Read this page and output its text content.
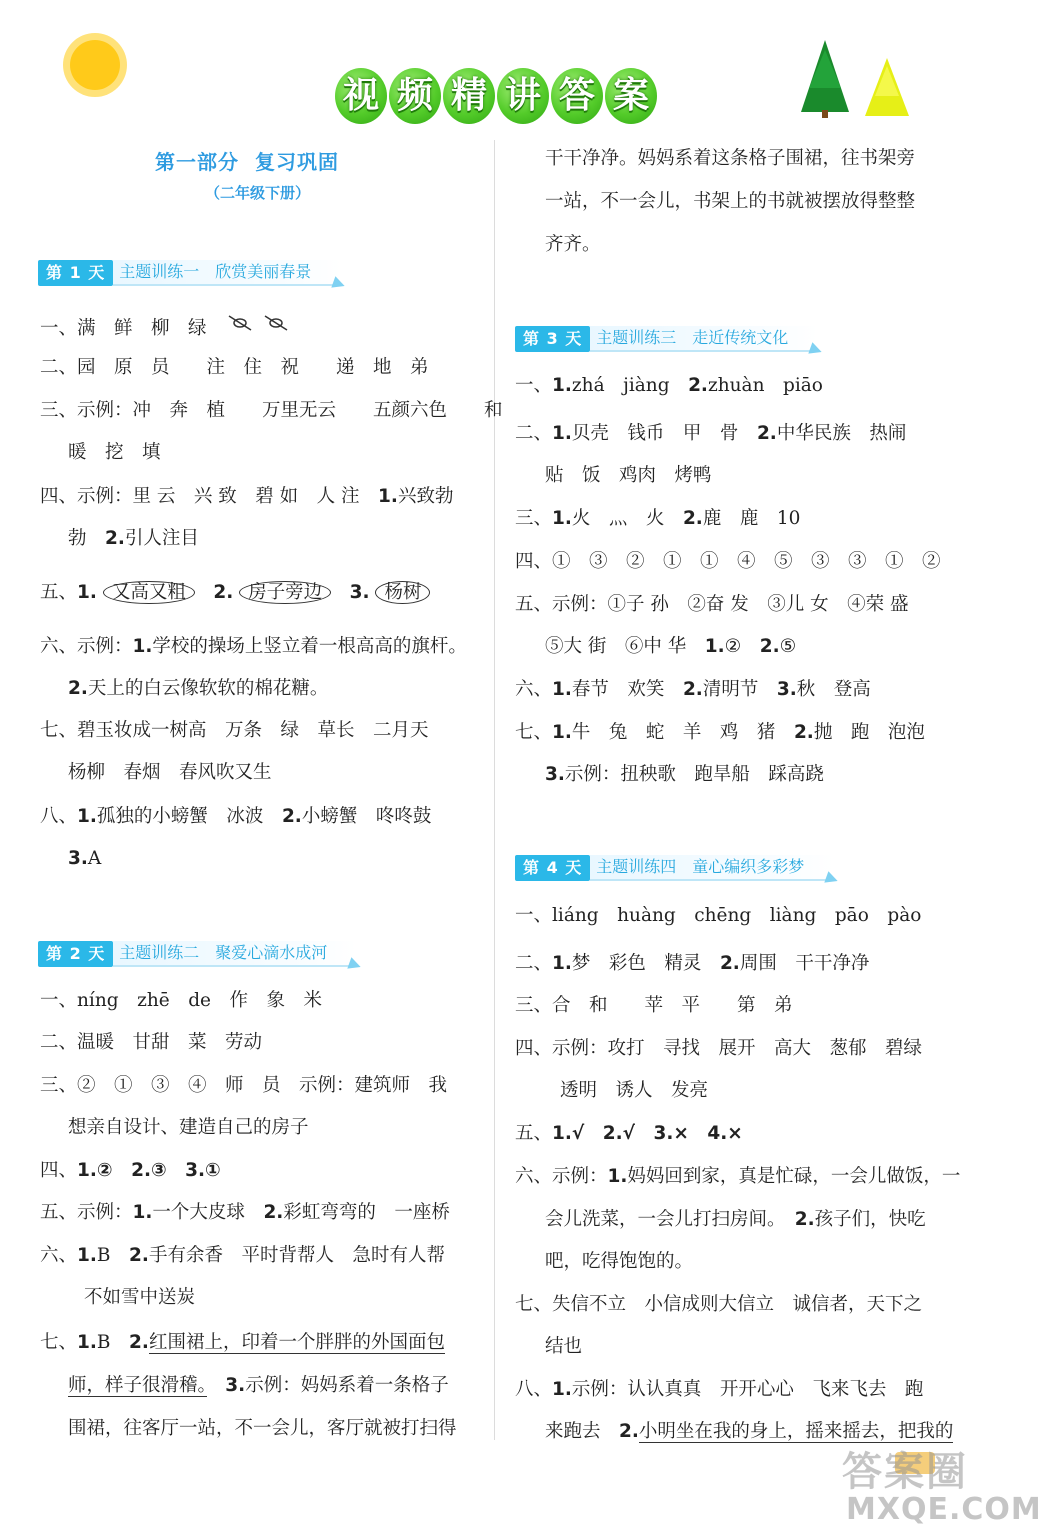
视 频 精 讲 答 案
第一部分 复习巩固
（二年级下册）
第 1 天 主题训练一　欣赏美丽春景
第 2 天 主题训练二　聚爱心滴水成河
第 3 天 主题训练三　走近传统文化
第 4 天 主题训练四　童心编织多彩梦
一、满　鲜　柳　绿　
二、园　原　员　　注　住　祝　　递　地　弟
三、示例：冲　奔　植　　万里无云　　五颜六色　　和
暖　挖　填
四、示例：里 云　兴 致　碧 如　人 注　1.兴致勃
勃　2.引人注目
五、1. 又高又粗　 2. 房子旁边　 3. 杨树
六、示例：1.学校的操场上竖立着一根高高的旗杆。
2.天上的白云像软软的棉花糖。
七、碧玉妆成一树高　万条　绿　草长　二月天
杨柳　春烟　春风吹又生
八、1.孤独的小螃蟹　冰波　2.小螃蟹　咚咚鼓
3.A
一、níng　zhē　de　作　象　米
二、温暖　甘甜　菜　劳动
三、②　①　③　④　师　员　示例：建筑师　我
想亲自设计、建造自己的房子
四、1.②　2.③　3.①
五、示例：1.一个大皮球　2.彩虹弯弯的　一座桥
六、1.B　2.手有余香　平时背帮人　急时有人帮
不如雪中送炭
七、1.B　2.红围裙上，印着一个胖胖的外国面包
师，样子很滑稽。　 3.示例：妈妈系着一条格子
围裙，往客厅一站，不一会儿，客厅就被打扫得
干干净净。妈妈系着这条格子围裙，往书架旁
一站，不一会儿，书架上的书就被摆放得整整
齐齐。
一、1.zhá　jiàng　2.zhuàn　piāo
二、1.贝壳　钱币　甲　骨　2.中华民族　热闹
贴　饭　鸡肉　烤鸭
三、1.火　灬　火　2.鹿　鹿　10
四、①　③　②　①　①　④　⑤　③　③　①　②
五、示例：①子 孙　②奋 发　③儿 女　④荣 盛
⑤大 街　⑥中 华　1.②　2.⑤
六、1.春节　欢笑　2.清明节　3.秋　登高
七、1.牛　兔　蛇　羊　鸡　猪　2.抛　跑　泡泡
3.示例：扭秧歌　跑旱船　踩高跷
一、liáng　huàng　chēng　liàng　pāo　pào
二、1.梦　彩色　精灵　2.周围　干干净净
三、合　和　　苹　平　　第　弟
四、示例：攻打　寻找　展开　高大　葱郁　碧绿
透明　诱人　发亮
五、1.√　2.√　3.×　4.×
六、示例：1.妈妈回到家，真是忙碌，一会儿做饭，一
会儿洗菜，一会儿打扫房间。　2.孩子们，快吃
吧，吃得饱饱的。
七、失信不立　小信成则大信立　诚信者，天下之
结也
八、1.示例：认认真真　开开心心　飞来飞去　跑
来跑去　2.小明坐在我的身上，摇来摇去，把我的
答案圈
MXQE.COM
